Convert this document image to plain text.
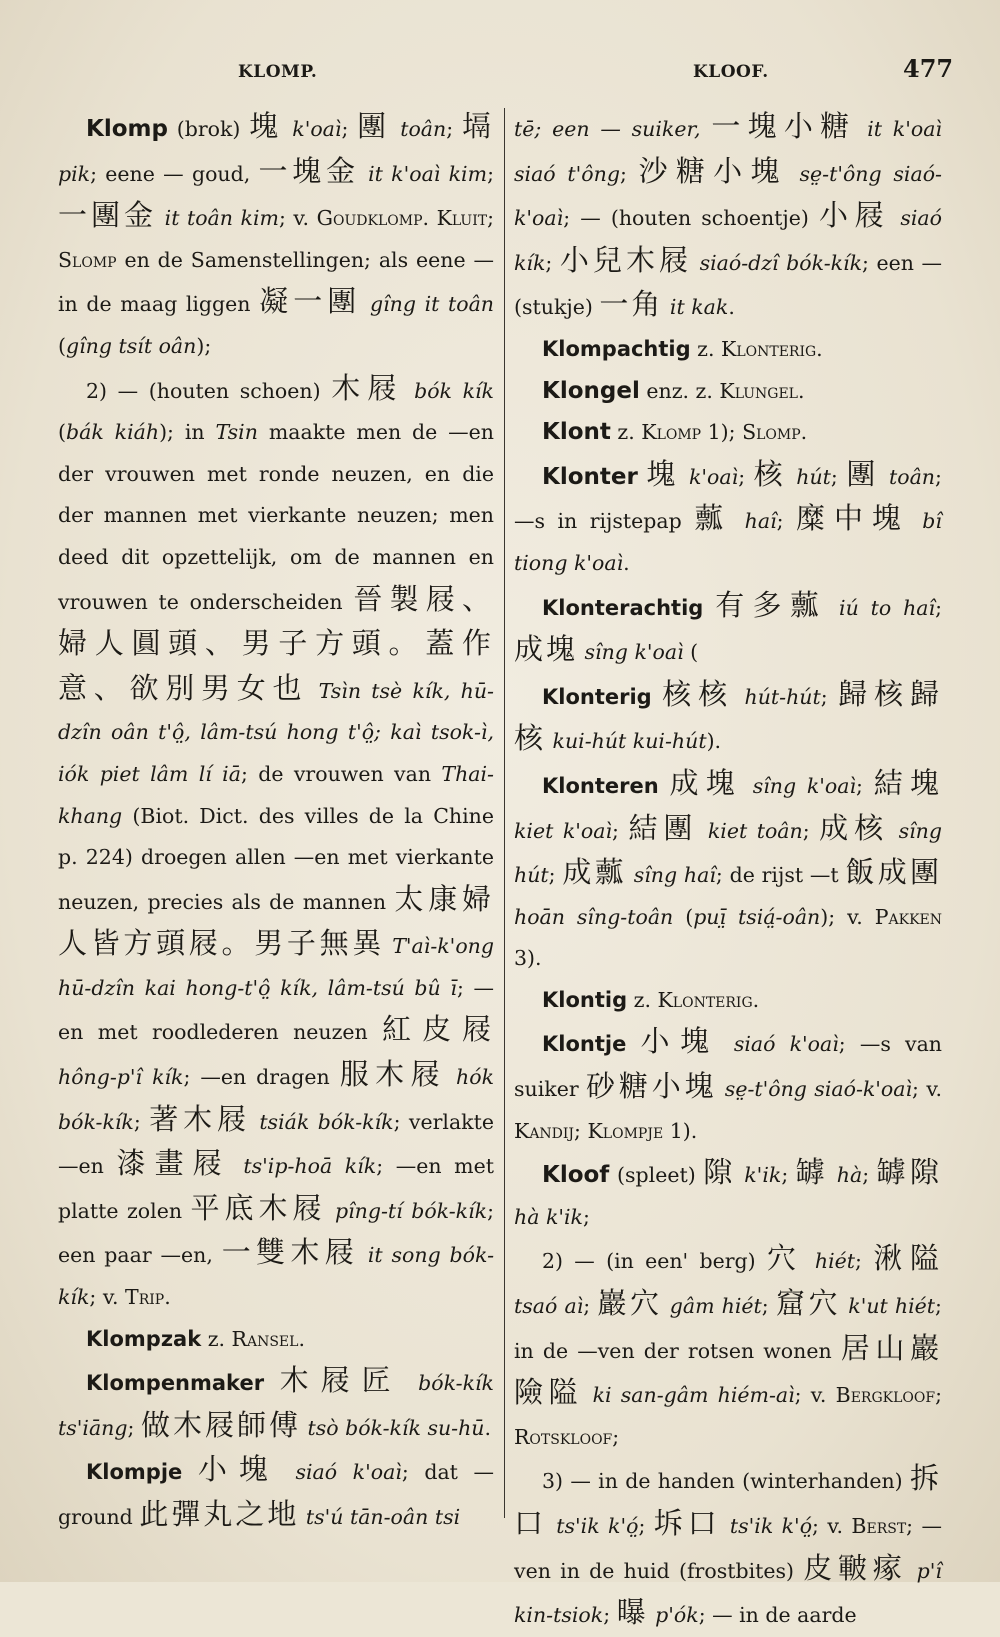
KLOMP.	KLOOF.	477

Klomp (brok) 塊 k'oaì; 團 toân; 塥 pik; eene — goud, 一塊金 it k'oaì kim; 一團金 it toân kim; v. Goudklomp. Kluit; Slomp en de Samenstellingen; als eene — in de maag liggen 凝一團 gîng it toân (gîng tsít oân);

2) — (houten schoen) 木屐 bók kík (bák kiáh); in Tsin maakte men de —en der vrouwen met ronde neuzen, en die der mannen met vierkante neuzen; men deed dit opzettelijk, om de mannen en vrouwen te onderscheiden 晉製屐、婦人圓頭、男子方頭。蓋作意、欲別男女也 Tsìn tsè kík, hū-dzîn oân t'ô̤, lâm-tsú hong t'ô̤; kaì tsok-ì, iók piet lâm lí iā; de vrouwen van Thai-khang (Biot. Dict. des villes de la Chine p. 224) droegen allen —en met vierkante neuzen, precies als de mannen 太康婦人皆方頭屐。男子無異 T'aì-k'ong hū-dzîn kai hong-t'ô̤ kík, lâm-tsú bû ī; —en met roodlederen neuzen 紅皮屐 hông-p'î kík; —en dragen 服木屐 hók bók-kík; 著木屐 tsiák bók-kík; verlakte —en 漆畫屐 ts'ip-hoā kík; —en met platte zolen 平底木屐 pîng-tí bók-kík; een paar —en, 一雙木屐 it song bók-kík; v. Trip.

Klompzak z. Ransel.

Klompenmaker 木屐匠 bók-kík ts'iāng; 做木屐師傅 tsò bók-kík su-hū.

Klompje 小塊 siaó k'oaì; dat — ground 此彈丸之地 ts'ú tān-oân tsi

tē; een — suiker, 一塊小糖 it k'oaì siaó t'ông; 沙糖小塊 se̤-t'ông siaó-k'oaì; — (houten schoentje) 小屐 siaó kík; 小兒木屐 siaó-dzî bók-kík; een — (stukje) 一角 it kak.

Klompachtig z. Klonterig.

Klongel enz. z. Klungel.

Klont z. Klomp 1); Slomp.

Klonter 塊 k'oaì; 核 hút; 團 toân; —s in rijstepap 䕯 haî; 糜中塊 bî tiong k'oaì.

Klonterachtig 有多䕯 iú to haî; 成塊 sîng k'oaì (

Klonterig 核核 hút-hút; 歸核歸核 kui-hút kui-hút).

Klonteren 成塊 sîng k'oaì; 結塊 kiet k'oaì; 結團 kiet toân; 成核 sîng hút; 成䕯 sîng haî; de rijst —t 飯成團 hoān sîng-toân (puī̤ tsiá̤-oân); v. Pakken 3).

Klontig z. Klonterig.

Klontje 小塊 siaó k'oaì; —s van suiker 砂糖小塊 se̤-t'ông siaó-k'oaì; v. Kandij; Klompje 1).

Kloof (spleet) 隙 k'ik; 罅 hà; 罅隙 hà k'ik;

2) — (in een' berg) 穴 hiét; 湫隘 tsaó aì; 巖穴 gâm hiét; 窟穴 k'ut hiét; in de —ven der rotsen wonen 居山巖險隘 ki san-gâm hiém-aì; v. Bergkloof; Rotskloof;

3) — in de handen (winterhanden) 拆口 ts'ik k'ó̤; 坼口 ts'ik k'ó̤; v. Berst; —ven in de huid (frostbites) 皮皸瘃 p'î kin-tsiok; 曝 p'ók; — in de aarde
